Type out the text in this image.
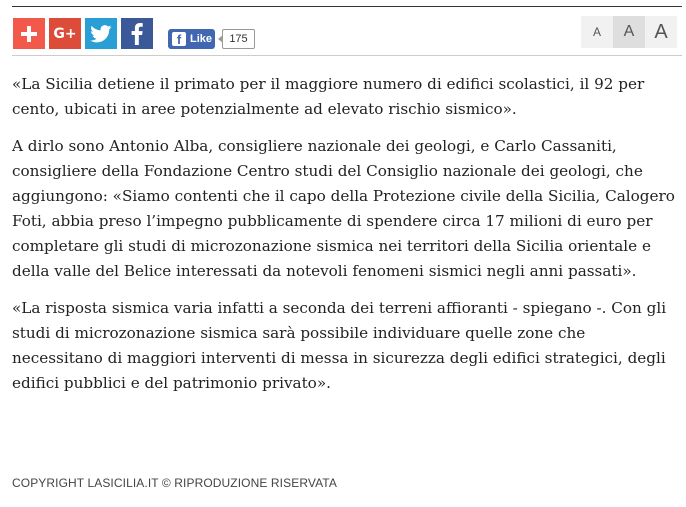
G+	f Like	175	A	A	A

«La Sicilia detiene il primato per il maggiore numero di edifici scolastici, il 92 per cento, ubicati in aree potenzialmente ad elevato rischio sismico».

A dirlo sono Antonio Alba, consigliere nazionale dei geologi, e Carlo Cassaniti, consigliere della Fondazione Centro studi del Consiglio nazionale dei geologi, che aggiungono: «Siamo contenti che il capo della Protezione civile della Sicilia, Calogero Foti, abbia preso l’impegno pubblicamente di spendere circa 17 milioni di euro per completare gli studi di microzonazione sismica nei territori della Sicilia orientale e della valle del Belice interessati da notevoli fenomeni sismici negli anni passati».

«La risposta sismica varia infatti a seconda dei terreni affioranti - spiegano -. Con gli studi di microzonazione sismica sarà possibile individuare quelle zone che necessitano di maggiori interventi di messa in sicurezza degli edifici strategici, degli edifici pubblici e del patrimonio privato».

COPYRIGHT LASICILIA.IT © RIPRODUZIONE RISERVATA
